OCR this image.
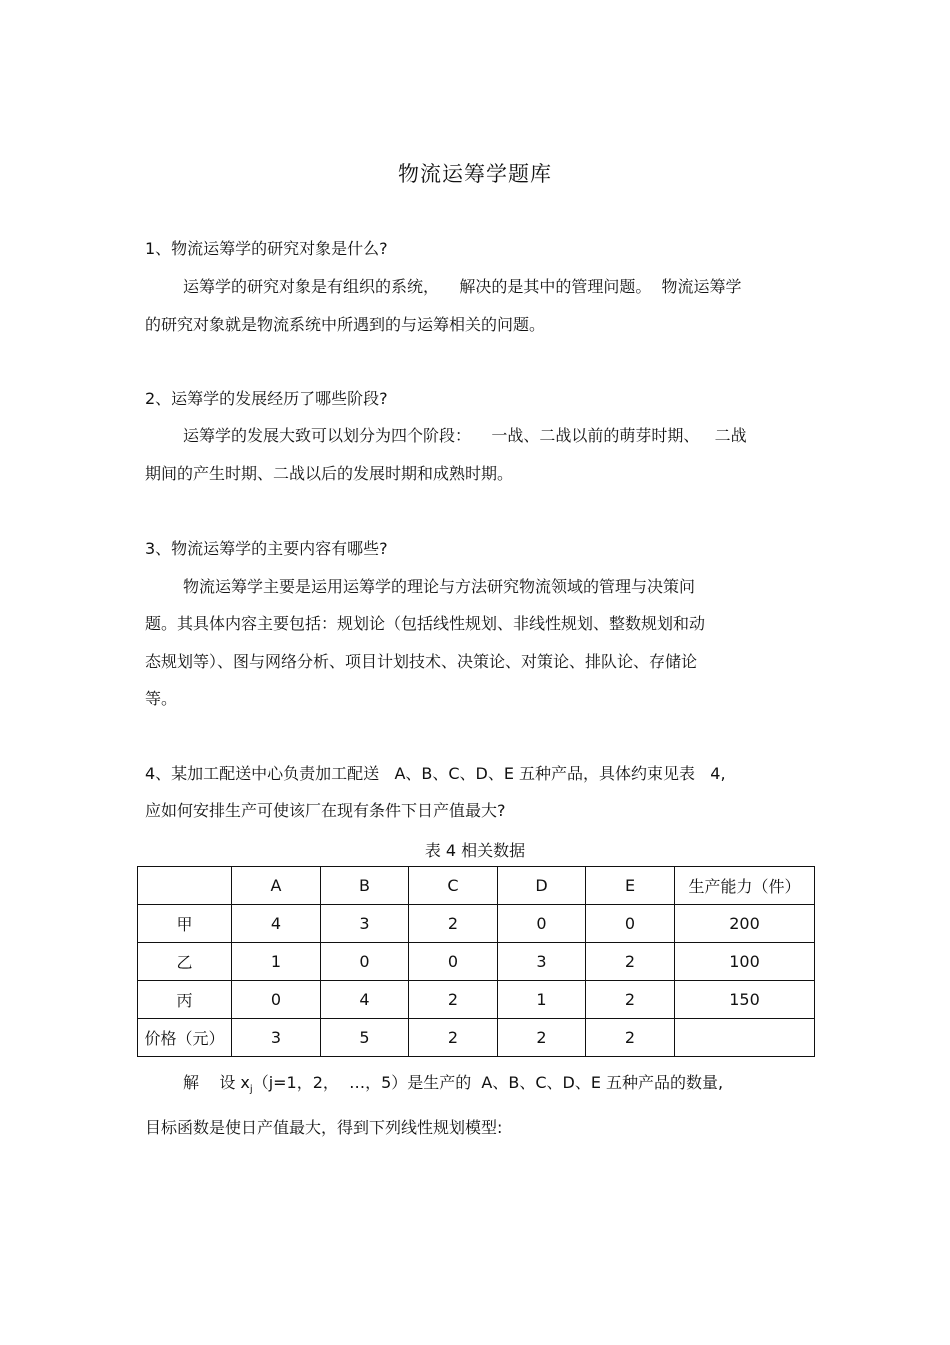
物流运筹学题库
1、物流运筹学的研究对象是什么?
运筹学的研究对象是有组织的系统，    解决的是其中的管理问题。  物流运筹学
的研究对象就是物流系统中所遇到的与运筹相关的问题。
2、运筹学的发展经历了哪些阶段?
运筹学的发展大致可以划分为四个阶段：    一战、二战以前的萌芽时期、   二战
期间的产生时期、二战以后的发展时期和成熟时期。
3、物流运筹学的主要内容有哪些?
物流运筹学主要是运用运筹学的理论与方法研究物流领域的管理与决策问
题。其具体内容主要包括：规划论（包括线性规划、非线性规划、整数规划和动
态规划等）、图与网络分析、项目计划技术、决策论、对策论、排队论、存储论
等。
4、某加工配送中心负责加工配送   A、B、C、D、E 五种产品，具体约束见表   4,
应如何安排生产可使该厂在现有条件下日产值最大?
表 4 相关数据
	A	B	C	D	E	生产能力（件）
甲	4	3	2	0	0	200
乙	1	0	0	3	2	100
丙	0	4	2	1	2	150
价格（元）	3	5	2	2	2	
解    设 $x_j(j=1$，2，  …，5）是生产的  A、B、C、D、E 五种产品的数量,
目标函数是使日产值最大，得到下列线性规划模型:
